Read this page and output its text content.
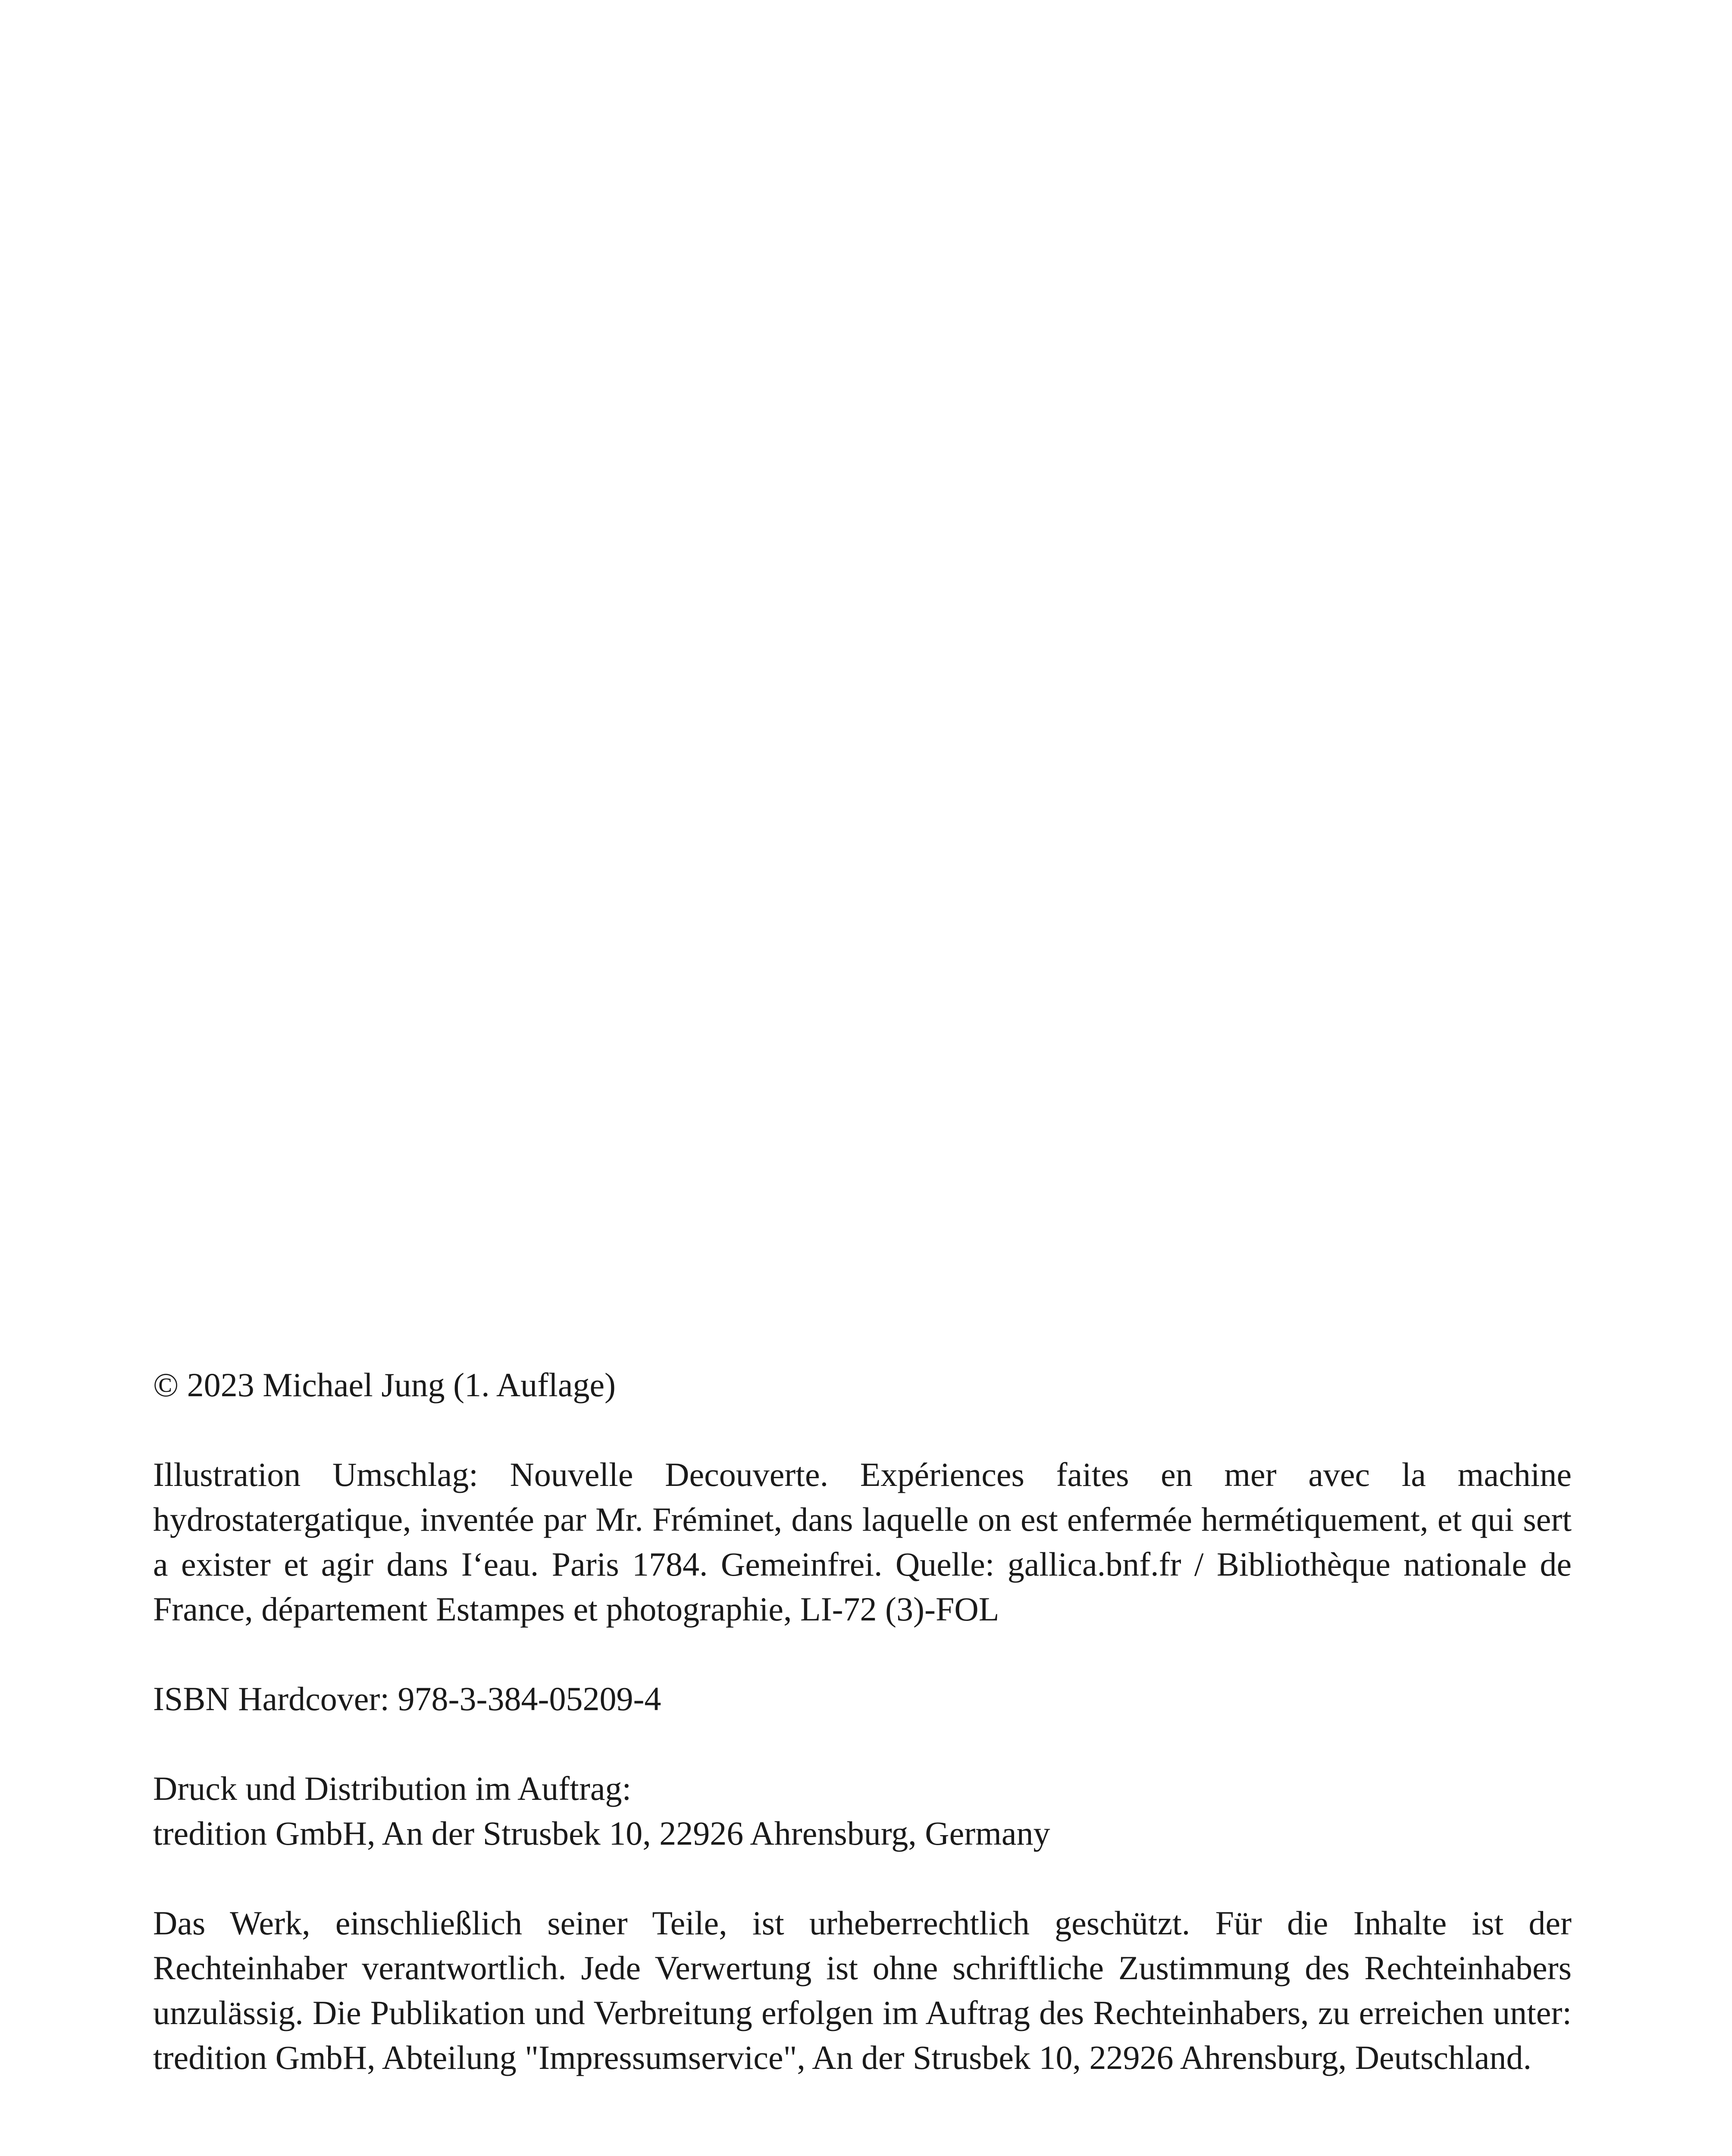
© 2023 Michael Jung (1. Auflage)

Illustration Umschlag: Nouvelle Decouverte. Expériences faites en mer avec la machine hydrostatergatique, inventée par Mr. Fréminet, dans laquelle on est enfermée hermétiquement, et qui sert a exister et agir dans I‘eau. Paris 1784. Gemeinfrei. Quelle: gallica.bnf.fr / Bibliothèque nationale de France, département Estampes et photographie, LI-72 (3)-FOL

ISBN Hardcover: 978-3-384-05209-4

Druck und Distribution im Auftrag:

tredition GmbH, An der Strusbek 10, 22926 Ahrensburg, Germany

Das Werk, einschließlich seiner Teile, ist urheberrechtlich geschützt. Für die Inhalte ist der Rechteinhaber verantwortlich. Jede Verwertung ist ohne schriftliche Zustimmung des Rechteinhabers unzulässig. Die Publikation und Verbreitung erfolgen im Auftrag des Rechteinhabers, zu erreichen unter: tredition GmbH, Abteilung "Impressumservice", An der Strusbek 10, 22926 Ahrensburg, Deutschland.
